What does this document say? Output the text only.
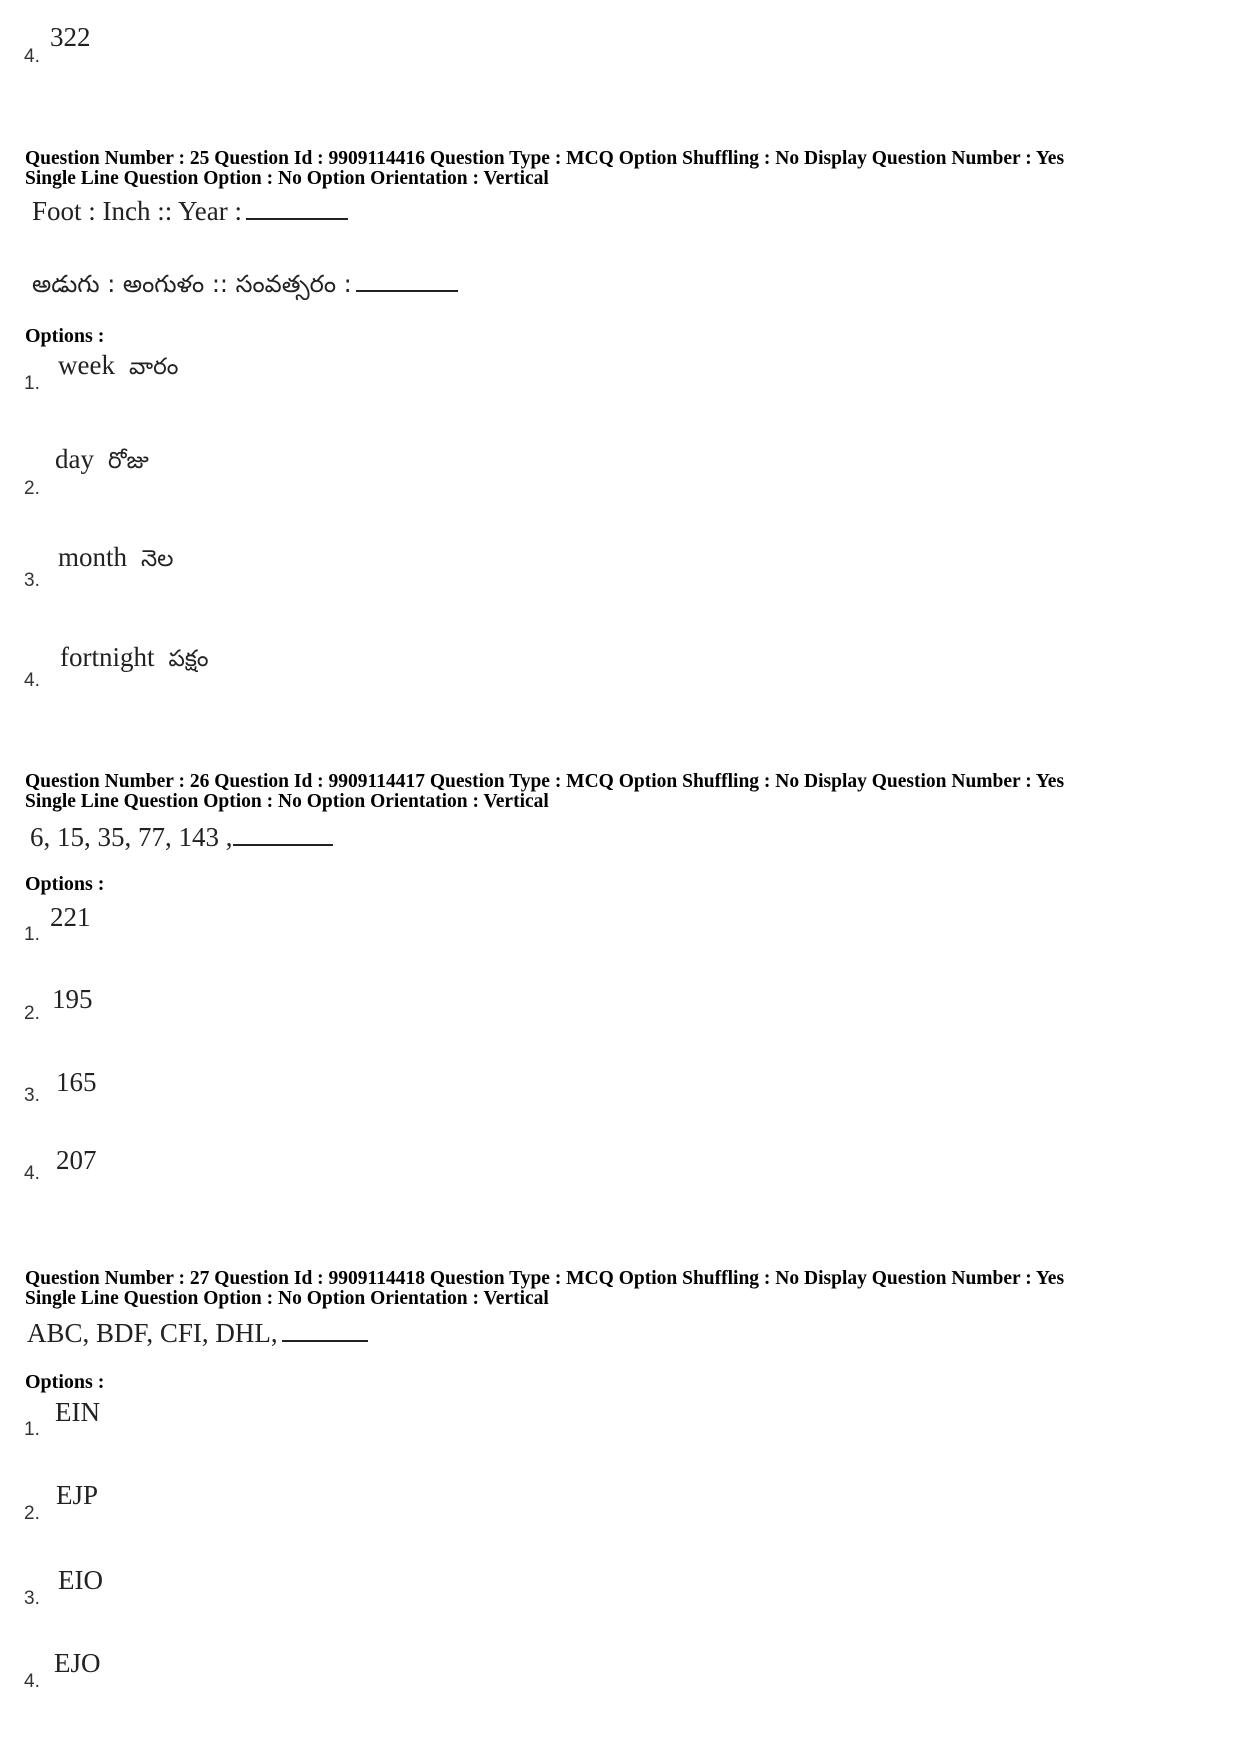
4.
322
Question Number : 25 Question Id : 9909114416 Question Type : MCQ Option Shuffling : No Display Question Number : Yes
Single Line Question Option : No Option Orientation : Vertical
Foot : Inch :: Year :
అడుగు : అంగుళం :: సంవత్సరం :
Options :
1.
week వారం
2.
day రోజు
3.
month నెల
4.
fortnight పక్షం
Question Number : 26 Question Id : 9909114417 Question Type : MCQ Option Shuffling : No Display Question Number : Yes
Single Line Question Option : No Option Orientation : Vertical
6, 15, 35, 77, 143 ,
Options :
1.
221
2. 195
3. 165
4. 207
Question Number : 27 Question Id : 9909114418 Question Type : MCQ Option Shuffling : No Display Question Number : Yes
Single Line Question Option : No Option Orientation : Vertical
ABC, BDF, CFI, DHL,
Options :
1.
EIN
2.
EJP
3.
EIO
4.
EJO
